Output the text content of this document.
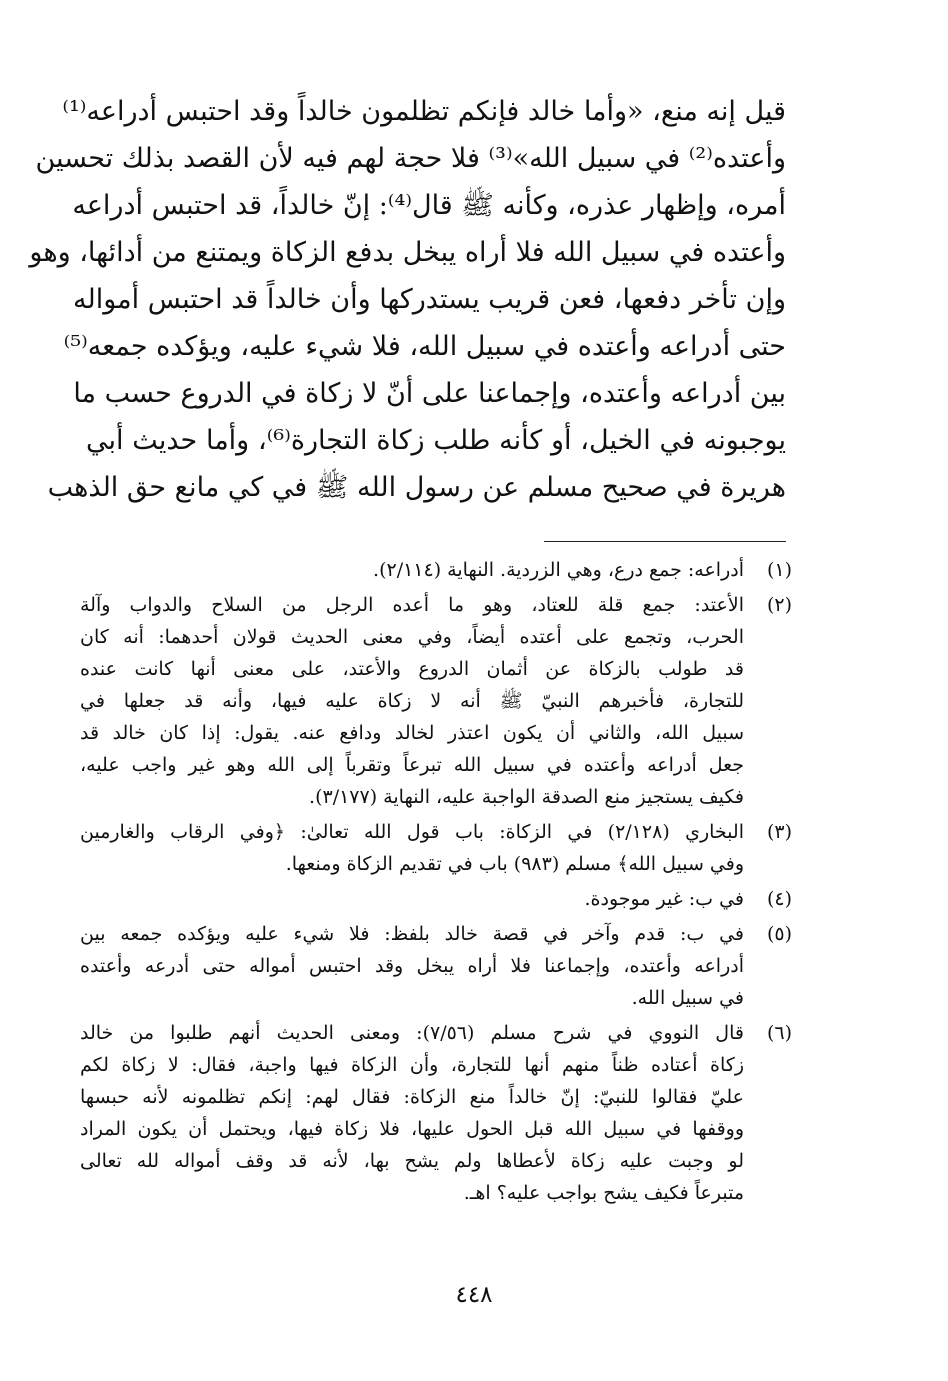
قيل إنه منع، «وأما خالد فإنكم تظلمون خالداً وقد احتبس أدراعه⁽¹⁾
وأعتده⁽²⁾ في سبيل الله»⁽³⁾ فلا حجة لهم فيه لأن القصد بذلك تحسين
أمره، وإظهار عذره، وكأنه ﷺ قال⁽⁴⁾: إنّ خالداً، قد احتبس أدراعه
وأعتده في سبيل الله فلا أراه يبخل بدفع الزكاة ويمتنع من أدائها، وهو
وإن تأخر دفعها، فعن قريب يستدركها وأن خالداً قد احتبس أمواله
حتى أدراعه وأعتده في سبيل الله، فلا شيء عليه، ويؤكده جمعه⁽⁵⁾
بين أدراعه وأعتده، وإجماعنا على أنّ لا زكاة في الدروع حسب ما
يوجبونه في الخيل، أو كأنه طلب زكاة التجارة⁽⁶⁾، وأما حديث أبي
هريرة في صحيح مسلم عن رسول الله ﷺ في كي مانع حق الذهب
(١)
أدراعه: جمع درع، وهي الزردية. النهاية (٢/١١٤).
(٢)
الأعتد: جمع قلة للعتاد، وهو ما أعده الرجل من السلاح والدواب وآلة
الحرب، وتجمع على أعتده أيضاً، وفي معنى الحديث قولان أحدهما: أنه كان
قد طولب بالزكاة عن أثمان الدروع والأعتد، على معنى أنها كانت عنده
للتجارة، فأخبرهم النبيّ ﷺ أنه لا زكاة عليه فيها، وأنه قد جعلها في
سبيل الله، والثاني أن يكون اعتذر لخالد ودافع عنه. يقول: إذا كان خالد قد
جعل أدراعه وأعتده في سبيل الله تبرعاً وتقرباً إلى الله وهو غير واجب عليه،
فكيف يستجيز منع الصدقة الواجبة عليه، النهاية (٣/١٧٧).
(٣)
البخاري (٢/١٢٨) في الزكاة: باب قول الله تعالىٰ: ﴿وفي الرقاب والغارمين
وفي سبيل الله﴾ مسلم (٩٨٣) باب في تقديم الزكاة ومنعها.
(٤)
في ب: غير موجودة.
(٥)
في ب: قدم وآخر في قصة خالد بلفظ: فلا شيء عليه ويؤكده جمعه بين
أدراعه وأعتده، وإجماعنا فلا أراه يبخل وقد احتبس أمواله حتى أدرعه وأعتده
في سبيل الله.
(٦)
قال النووي في شرح مسلم (٧/٥٦): ومعنى الحديث أنهم طلبوا من خالد
زكاة أعتاده ظناً منهم أنها للتجارة، وأن الزكاة فيها واجبة، فقال: لا زكاة لكم
عليّ فقالوا للنبيّ: إنّ خالداً منع الزكاة: فقال لهم: إنكم تظلمونه لأنه حبسها
ووقفها في سبيل الله قبل الحول عليها، فلا زكاة فيها، ويحتمل أن يكون المراد
لو وجبت عليه زكاة لأعطاها ولم يشح بها، لأنه قد وقف أمواله لله تعالى
متبرعاً فكيف يشح بواجب عليه؟ اهـ.
٤٤٨
